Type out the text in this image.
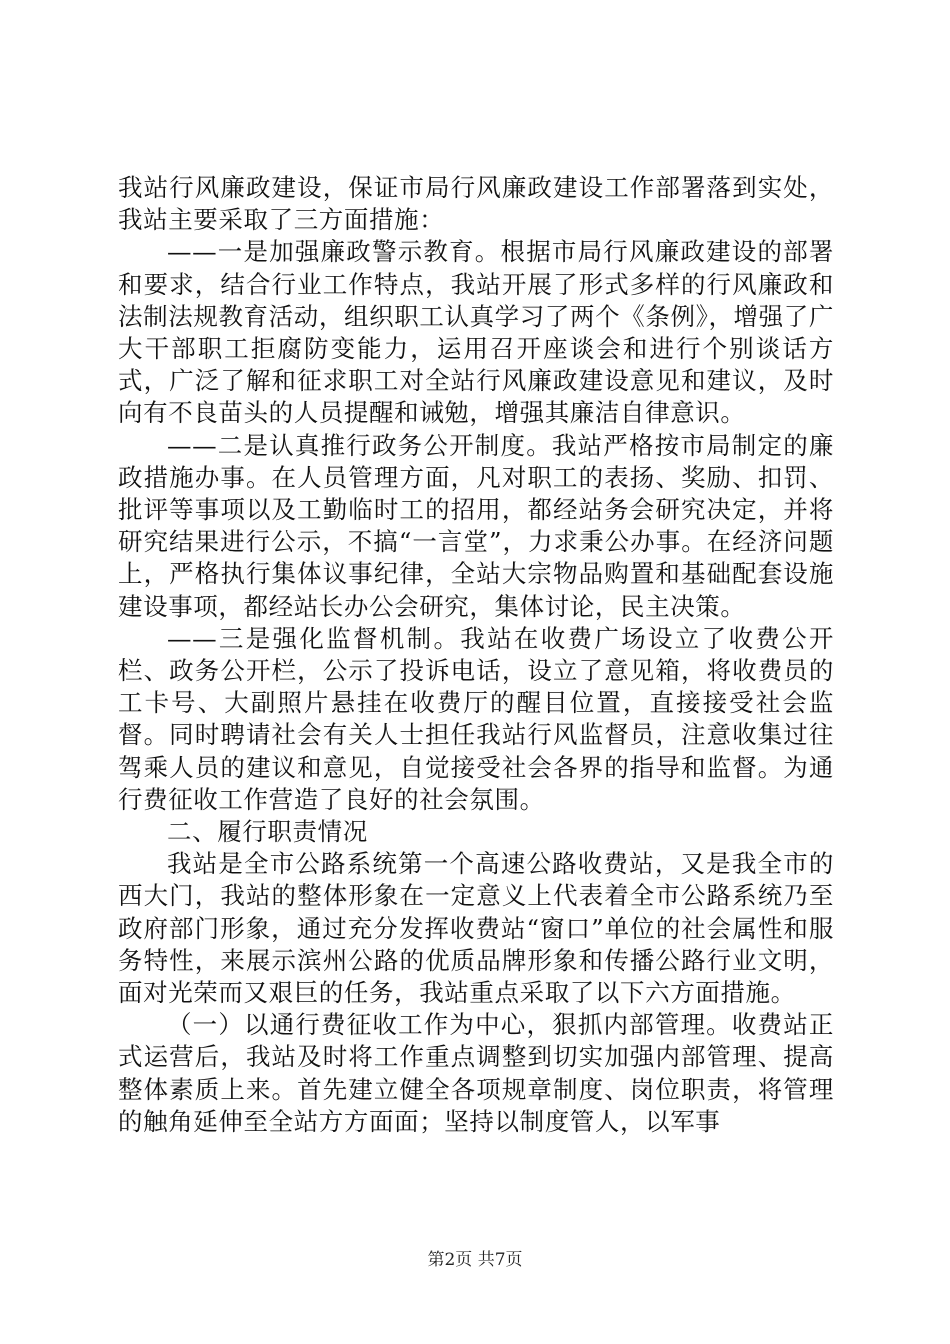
我站行风廉政建设，保证市局行风廉政建设工作部署落到实处，我站主要采取了三方面措施：

——一是加强廉政警示教育。根据市局行风廉政建设的部署和要求，结合行业工作特点，我站开展了形式多样的行风廉政和法制法规教育活动，组织职工认真学习了两个《条例》，增强了广大干部职工拒腐防变能力，运用召开座谈会和进行个别谈话方式，广泛了解和征求职工对全站行风廉政建设意见和建议，及时向有不良苗头的人员提醒和诫勉，增强其廉洁自律意识。

——二是认真推行政务公开制度。我站严格按市局制定的廉政措施办事。在人员管理方面，凡对职工的表扬、奖励、扣罚、批评等事项以及工勤临时工的招用，都经站务会研究决定，并将研究结果进行公示，不搞“一言堂”，力求秉公办事。在经济问题上，严格执行集体议事纪律，全站大宗物品购置和基础配套设施建设事项，都经站长办公会研究，集体讨论，民主决策。

——三是强化监督机制。我站在收费广场设立了收费公开栏、政务公开栏，公示了投诉电话，设立了意见箱，将收费员的工卡号、大副照片悬挂在收费厅的醒目位置，直接接受社会监督。同时聘请社会有关人士担任我站行风监督员，注意收集过往驾乘人员的建议和意见，自觉接受社会各界的指导和监督。为通行费征收工作营造了良好的社会氛围。

二、履行职责情况

我站是全市公路系统第一个高速公路收费站，又是我全市的西大门，我站的整体形象在一定意义上代表着全市公路系统乃至政府部门形象，通过充分发挥收费站“窗口”单位的社会属性和服务特性，来展示滨州公路的优质品牌形象和传播公路行业文明，面对光荣而又艰巨的任务，我站重点采取了以下六方面措施。

（一）以通行费征收工作为中心，狠抓内部管理。收费站正式运营后，我站及时将工作重点调整到切实加强内部管理、提高整体素质上来。首先建立健全各项规章制度、岗位职责，将管理的触角延伸至全站方方面面；坚持以制度管人，以军事

第2页 共7页
